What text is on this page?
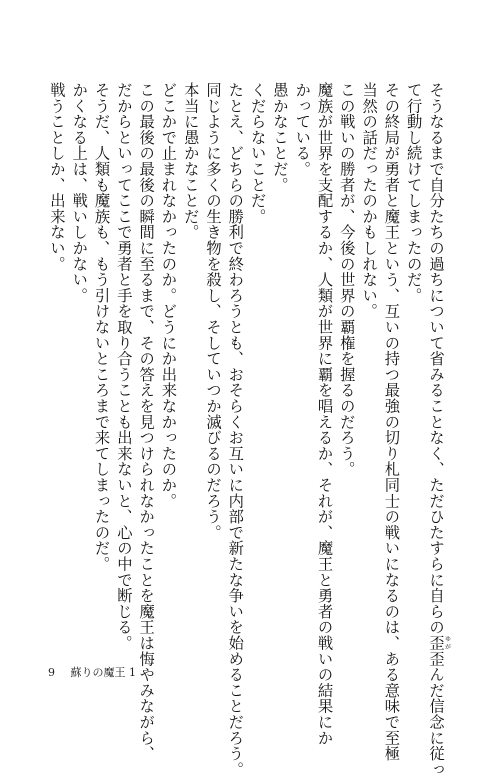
そうなるまで自分たちの過ちについて省みることなく、ただひたすらに自らの歪ゆが歪んだ信念に従っ
て行動し続けてしまったのだ。
その終局が勇者と魔王という、互いの持つ最強の切り札同士の戦いになるのは、ある意味で至極
当然の話だったのかもしれない。
この戦いの勝者が、今後の世界の覇権を握るのだろう。
魔族が世界を支配するか、人類が世界に覇を唱えるか、それが、魔王と勇者の戦いの結果にか
かっている。
愚かなことだ。
くだらないことだ。
たとえ、どちらの勝利で終わろうとも、おそらくお互いに内部で新たな争いを始めることだろう。
同じように多くの生き物を殺し、そしていつか滅びるのだろう。
本当に愚かなことだ。
どこかで止まれなかったのか。どうにか出来なかったのか。
この最後の最後の瞬間に至るまで、その答えを見つけられなかったことを魔王は悔やみながら、
だからといってここで勇者と手を取り合うことも出来ないと、心の中で断じる。
そうだ、人類も魔族も、もう引けないところまで来てしまったのだ。
かくなる上は、戦いしかない。
戦うことしか、出来ない。
9 蘇りの魔王 1
